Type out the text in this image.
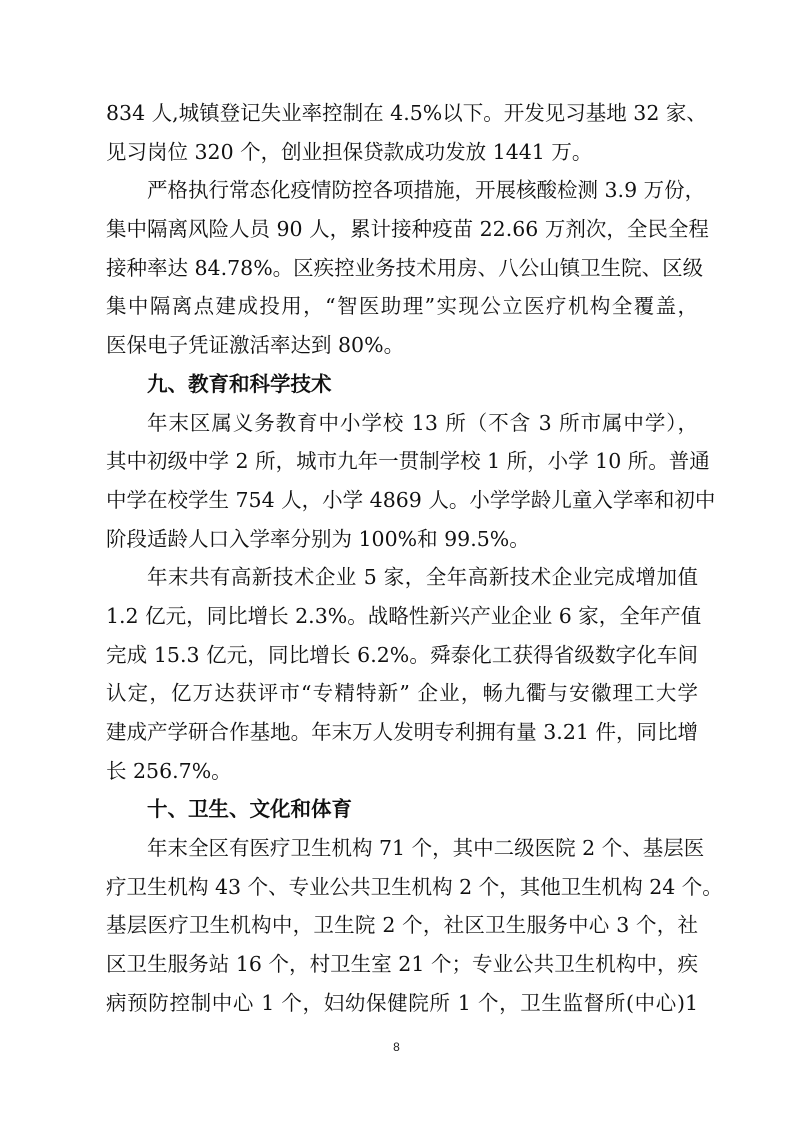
834 人,城镇登记失业率控制在 4.5%以下。开发见习基地 32 家、
见习岗位 320 个，创业担保贷款成功发放 1441 万。
严格执行常态化疫情防控各项措施，开展核酸检测 3.9 万份，
集中隔离风险人员 90 人，累计接种疫苗 22.66 万剂次，全民全程
接种率达 84.78%。区疾控业务技术用房、八公山镇卫生院、区级
集中隔离点建成投用，“智医助理”实现公立医疗机构全覆盖，
医保电子凭证激活率达到 80%。
九、教育和科学技术
年末区属义务教育中小学校 13 所（不含 3 所市属中学），
其中初级中学 2 所，城市九年一贯制学校 1 所，小学 10 所。普通
中学在校学生 754 人，小学 4869 人。小学学龄儿童入学率和初中
阶段适龄人口入学率分别为 100%和 99.5%。
年末共有高新技术企业 5 家，全年高新技术企业完成增加值
1.2 亿元，同比增长 2.3%。战略性新兴产业企业 6 家，全年产值
完成 15.3 亿元，同比增长 6.2%。舜泰化工获得省级数字化车间
认定，亿万达获评市“专精特新” 企业，畅九衢与安徽理工大学
建成产学研合作基地。年末万人发明专利拥有量 3.21 件，同比增
长 256.7%。
十、卫生、文化和体育
年末全区有医疗卫生机构 71 个，其中二级医院 2 个、基层医
疗卫生机构 43 个、专业公共卫生机构 2 个，其他卫生机构 24 个。
基层医疗卫生机构中，卫生院 2 个，社区卫生服务中心 3 个，社
区卫生服务站 16 个，村卫生室 21 个；专业公共卫生机构中，疾
病预防控制中心 1 个，妇幼保健院所 1 个，卫生监督所(中心)1
8
